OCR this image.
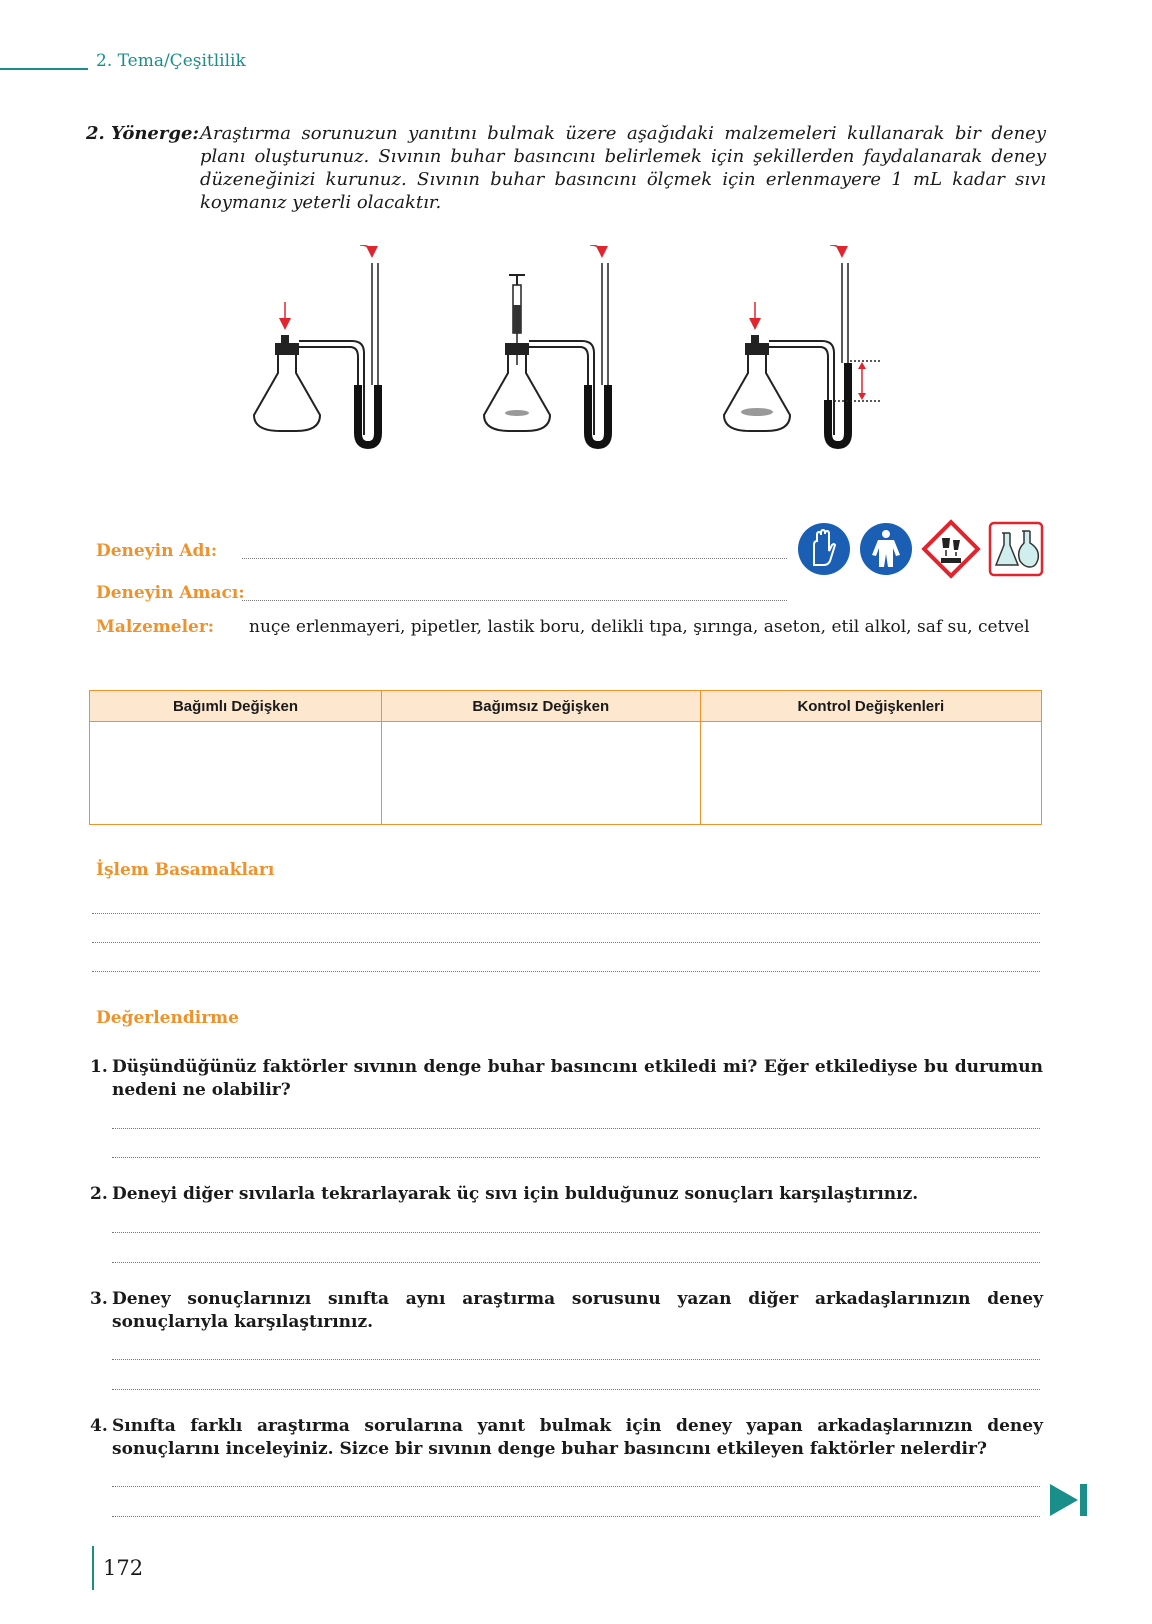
2. Tema/Çeşitlilik
2. Yönerge: Araştırma sorunuzun yanıtını bulmak üzere aşağıdaki malzemeleri kullanarak bir deney planı oluşturunuz. Sıvının buhar basıncını belirlemek için şekillerden faydalanarak deney düzeneğinizi kurunuz. Sıvının buhar basıncını ölçmek için erlenmayere 1 mL kadar sıvı koymanız yeterli olacaktır.
Deneyin Adı:
Deneyin Amacı:
Malzemeler: nuçe erlenmayeri, pipetler, lastik boru, delikli tıpa, şırınga, aseton, etil alkol, saf su, cetvel
Bağımlı Değişken	Bağımsız Değişken	Kontrol Değişkenleri

İşlem Basamakları
Değerlendirme
1. Düşündüğünüz faktörler sıvının denge buhar basıncını etkiledi mi? Eğer etkilediyse bu durumun nedeni ne olabilir?
2. Deneyi diğer sıvılarla tekrarlayarak üç sıvı için bulduğunuz sonuçları karşılaştırınız.
3. Deney sonuçlarınızı sınıfta aynı araştırma sorusunu yazan diğer arkadaşlarınızın deney sonuçlarıyla karşılaştırınız.
4. Sınıfta farklı araştırma sorularına yanıt bulmak için deney yapan arkadaşlarınızın deney sonuçlarını inceleyiniz. Sizce bir sıvının denge buhar basıncını etkileyen faktörler nelerdir?
172
